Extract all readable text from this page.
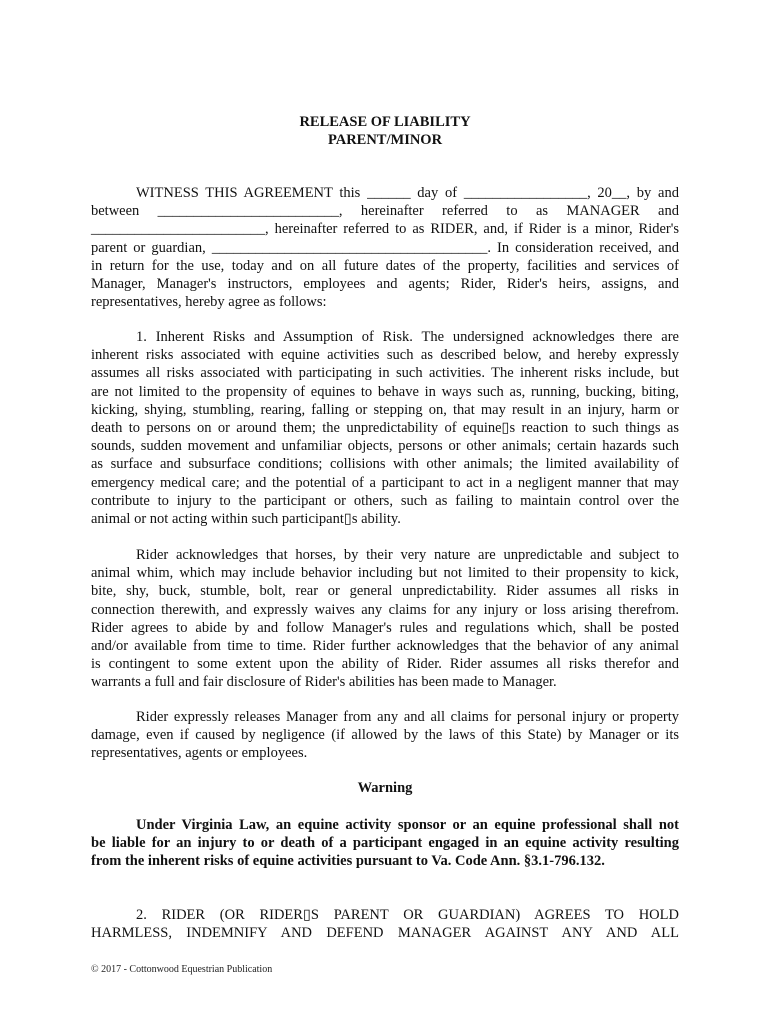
RELEASE OF LIABILITY
PARENT/MINOR
WITNESS THIS AGREEMENT this ______ day of _________________, 20__, by and
between _________________________, hereinafter referred to as MANAGER and
________________________, hereinafter referred to as RIDER, and, if Rider is a minor, Rider's
parent or guardian, ______________________________________. In consideration received, and
in return for the use, today and on all future dates of the property, facilities and services of
Manager, Manager's instructors, employees and agents; Rider, Rider's heirs, assigns, and
representatives, hereby agree as follows:
1. Inherent Risks and Assumption of Risk. The undersigned acknowledges there are
inherent risks associated with equine activities such as described below, and hereby expressly
assumes all risks associated with participating in such activities. The inherent risks include, but
are not limited to the propensity of equines to behave in ways such as, running, bucking, biting,
kicking, shying, stumbling, rearing, falling or stepping on, that may result in an injury, harm or
death to persons on or around them; the unpredictability of equine▯s reaction to such things as
sounds, sudden movement and unfamiliar objects, persons or other animals; certain hazards such
as surface and subsurface conditions; collisions with other animals; the limited availability of
emergency medical care; and the potential of a participant to act in a negligent manner that may
contribute to injury to the participant or others, such as failing to maintain control over the
animal or not acting within such participant▯s ability.
Rider acknowledges that horses, by their very nature are unpredictable and subject to
animal whim, which may include behavior including but not limited to their propensity to kick,
bite, shy, buck, stumble, bolt, rear or general unpredictability. Rider assumes all risks in
connection therewith, and expressly waives any claims for any injury or loss arising therefrom.
Rider agrees to abide by and follow Manager's rules and regulations which, shall be posted
and/or available from time to time. Rider further acknowledges that the behavior of any animal
is contingent to some extent upon the ability of Rider. Rider assumes all risks therefor and
warrants a full and fair disclosure of Rider's abilities has been made to Manager.
Rider expressly releases Manager from any and all claims for personal injury or property
damage, even if caused by negligence (if allowed by the laws of this State) by Manager or its
representatives, agents or employees.
Warning
Under Virginia Law, an equine activity sponsor or an equine professional shall not
be liable for an injury to or death of a participant engaged in an equine activity resulting
from the inherent risks of equine activities pursuant to Va. Code Ann. §3.1-796.132.
2. RIDER (OR RIDER▯S PARENT OR GUARDIAN) AGREES TO HOLD
HARMLESS, INDEMNIFY AND DEFEND MANAGER AGAINST ANY AND ALL
© 2017 - Cottonwood Equestrian Publication
